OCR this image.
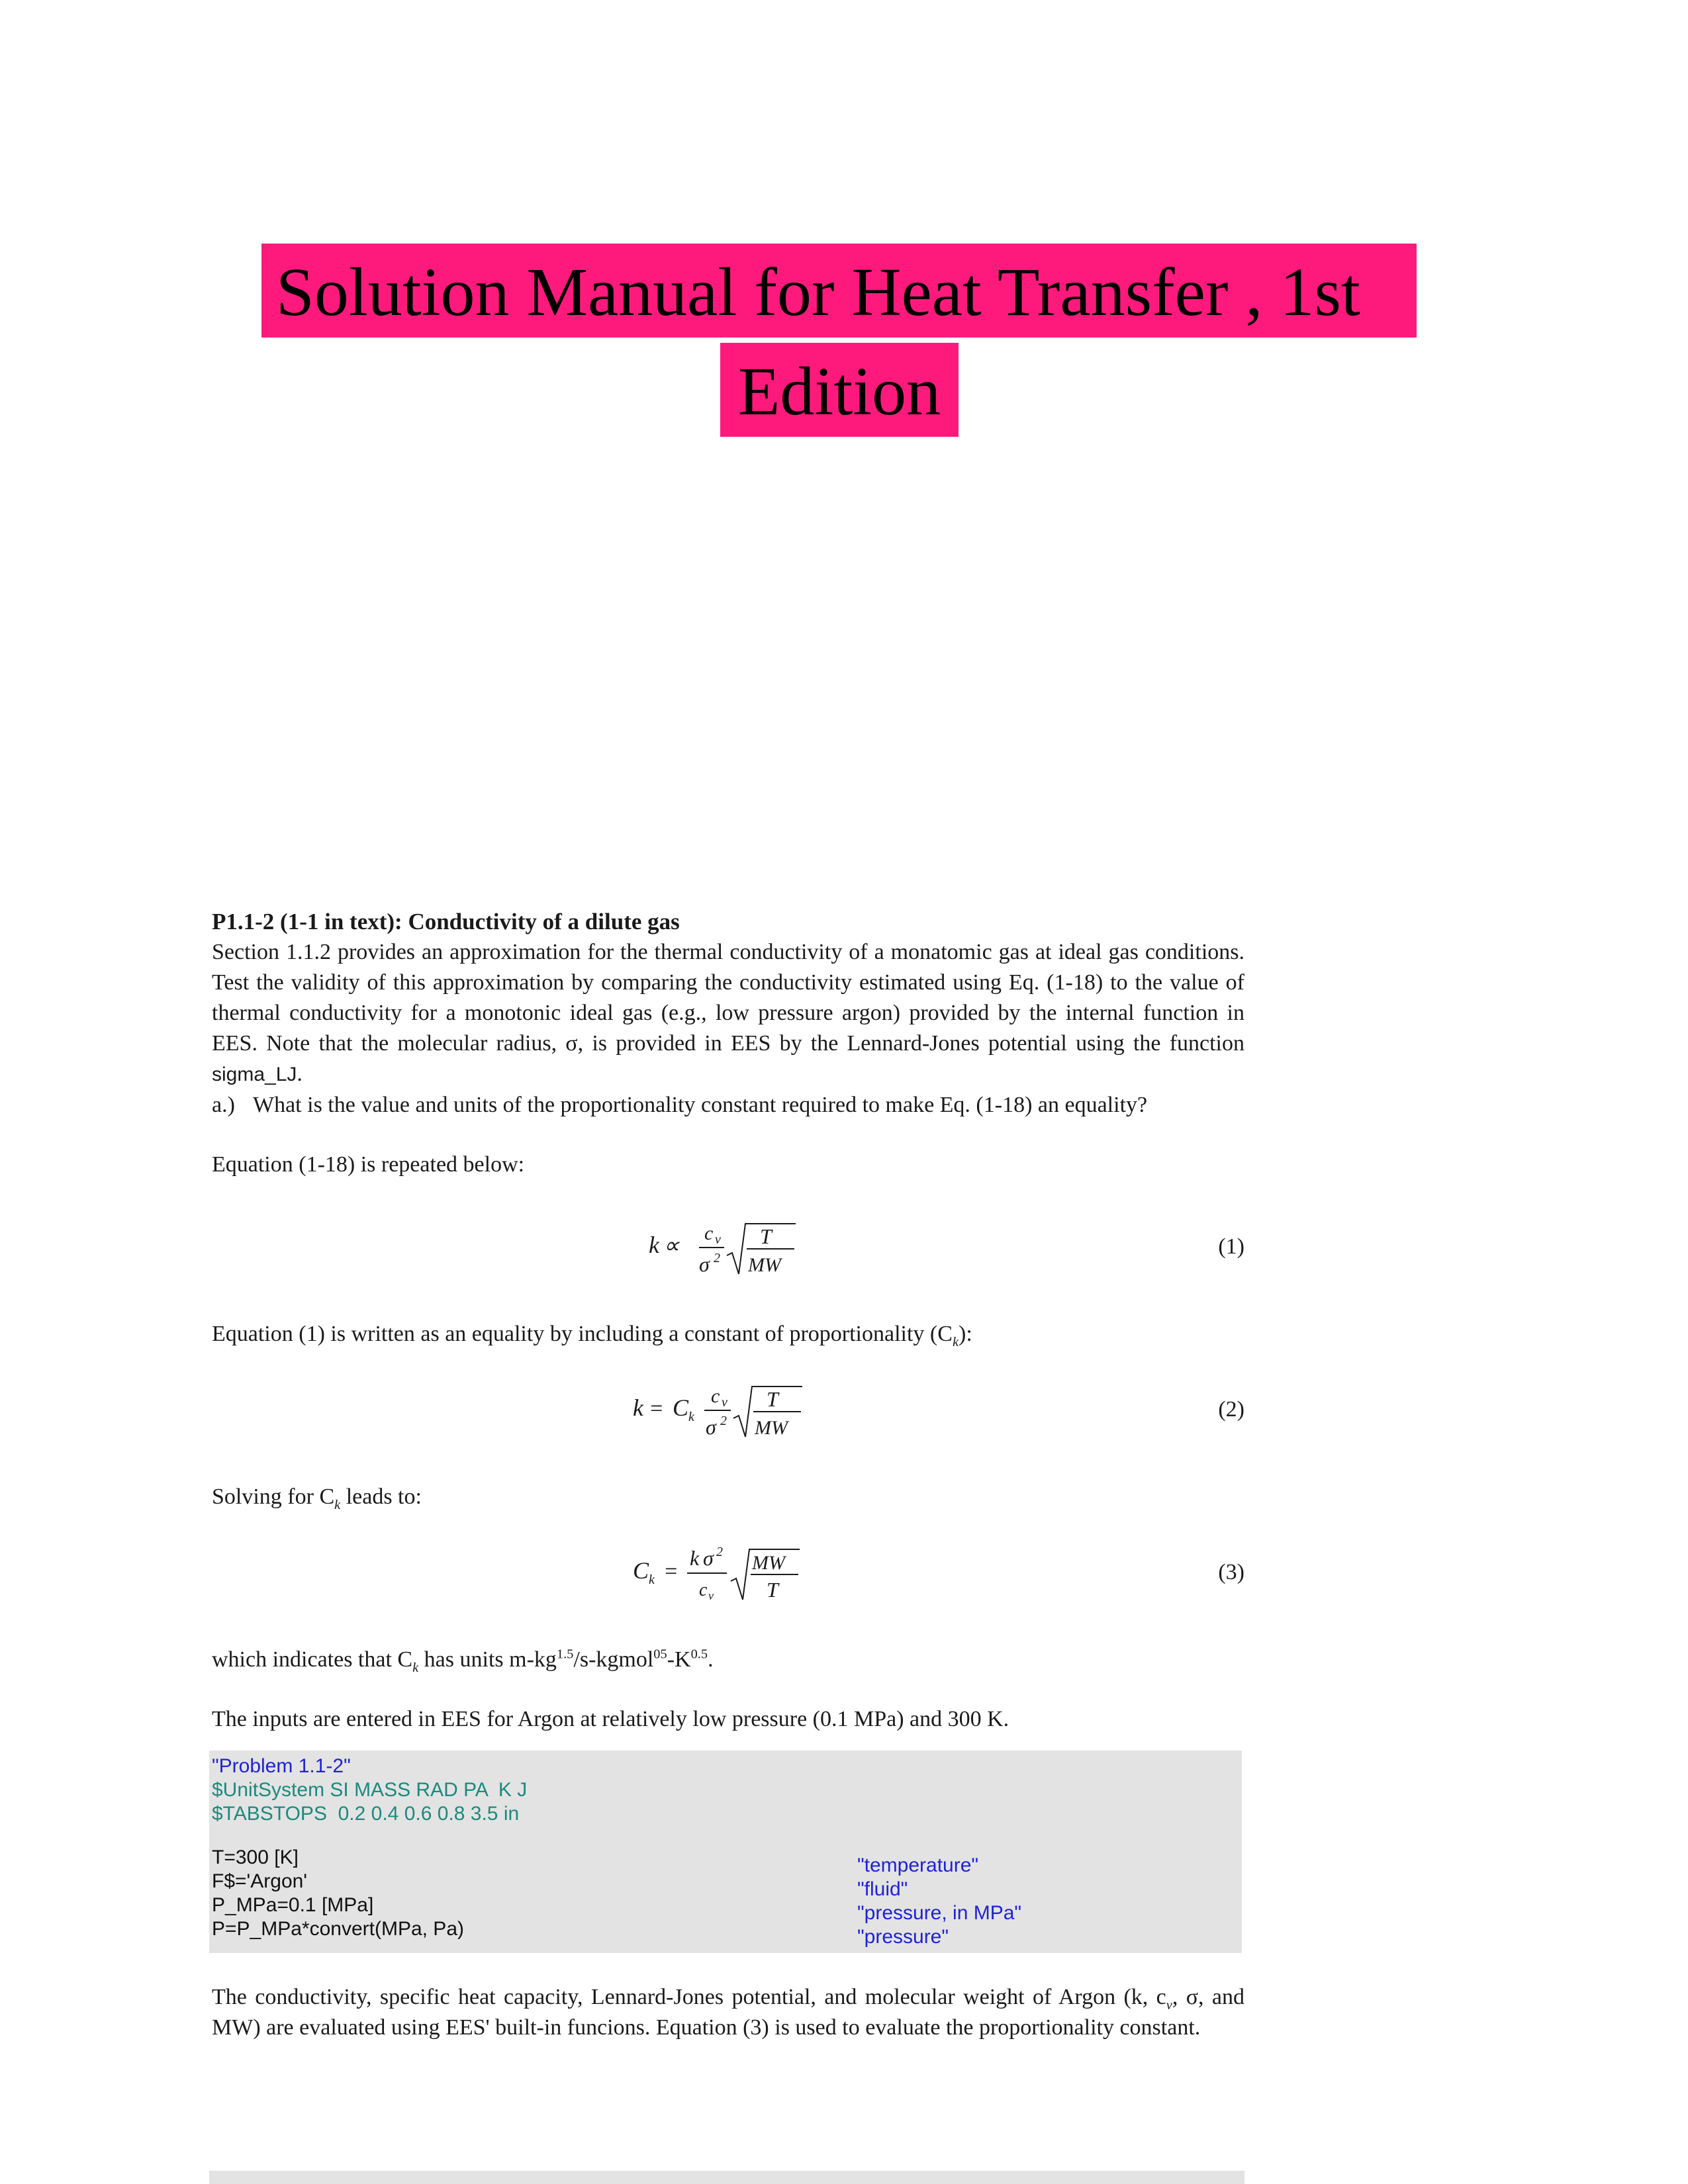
Solution Manual for Heat Transfer , 1st
Edition
P1.1-2 (1-1 in text): Conductivity of a dilute gas

Section 1.1.2 provides an approximation for the thermal conductivity of a monatomic gas at ideal gas conditions. Test the validity of this approximation by comparing the conductivity estimated using Eq. (1-18) to the value of thermal conductivity for a monotonic ideal gas (e.g., low pressure argon) provided by the internal function in EES. Note that the molecular radius, σ, is provided in EES by the Lennard-Jones potential using the function sigma_LJ.

a.) What is the value and units of the proportionality constant required to make Eq. (1-18) an equality?

Equation (1-18) is repeated below:

k ∝
c v
σ 2
T
MW
(1)

Equation (1) is written as an equality by including a constant of proportionality $(C_k)$:

k = C k
c v
σ 2
T
MW
(2)

Solving for $C_k$ leads to:

C k =
k σ 2
c v
MW
T
(3)

which indicates that $C_k$ has units $m-kg^{1.5}/s-kgmol^{05}-K^{0.5}$.

The inputs are entered in EES for Argon at relatively low pressure (0.1 MPa) and 300 K.

"Problem 1.1-2"
$UnitSystem SI MASS RAD PA  K J
$TABSTOPS  0.2 0.4 0.6 0.8 3.5 in
T=300 [K]
F$='Argon'
P_MPa=0.1 [MPa]
P=P_MPa*convert(MPa, Pa)
"temperature"
"fluid"
"pressure, in MPa"
"pressure"

The conductivity, specific heat capacity, Lennard-Jones potential, and molecular weight of Argon (k, $c_v$, σ, and MW) are evaluated using EES' built-in funcions. Equation (3) is used to evaluate the proportionality constant.
